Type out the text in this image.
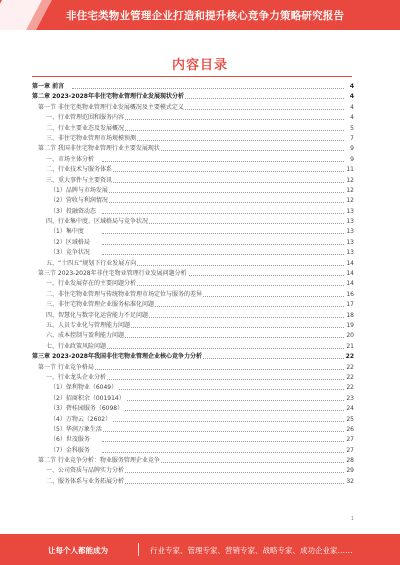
非住宅类物业管理企业打造和提升核心竞争力策略研究报告
内容目录
第一章 前言	4
第二章 2023-2028年非住宅物业管理行业发展现状分析	4
第一节 非住宅类物业管理行业发展概况及主要模式定义	4
一、行业管理范围和服务内容	4
二、行业主要业态及发展概况	5
三、非住宅物业管理市场规模预测	7
第二节 我国非住宅物业管理行业主要发展现状	9
一、市场主体分析	9
二、行业技术与服务体系	11
三、重大事件与主要资讯	12
（1）品牌与市场发展	12
（2）营收与利润情况	12
（3）投融资动态	13
四、行业集中度、区域格局与竞争状况	13
（1）集中度	13
（2）区域格局	13
（3）竞争状况	13
五、“十四五”规划下行业发展方向	14
第三节 2023-2028年非住宅物业管理行业发展问题分析	14
一、行业发展存在的主要问题分析	14
二、非住宅物业管理与传统物业管理市场定位与服务的差异	16
三、非住宅物业管理企业服务标准化问题	17
四、智慧化与数字化运营能力不足问题	18
五、人员专业化与管理能力问题	19
六、成本控制与盈利能力问题	20
七、行业政策风险问题	21
第三章 2023-2028年我国非住宅物业管理企业核心竞争力分析	22
第一节 行业竞争格局	22
一、行业龙头企业分析	22
（1）保利物业（6049）	22
（2）招商积余（001914）	23
（3）碧桂园服务（6098）	24
（4）万物云（2602）	25
（5）华润万象生活	26
（6）世茂服务	27
（7）金科服务	27
第二节 行业竞争分析：物业服务管理企业竞争	28
一、公司资质与品牌实力分析	29
二、服务体系与业务拓展分析	32
1
让每个人都能成为	行业专家、管理专家、营销专家、战略专家、成功企业家……
